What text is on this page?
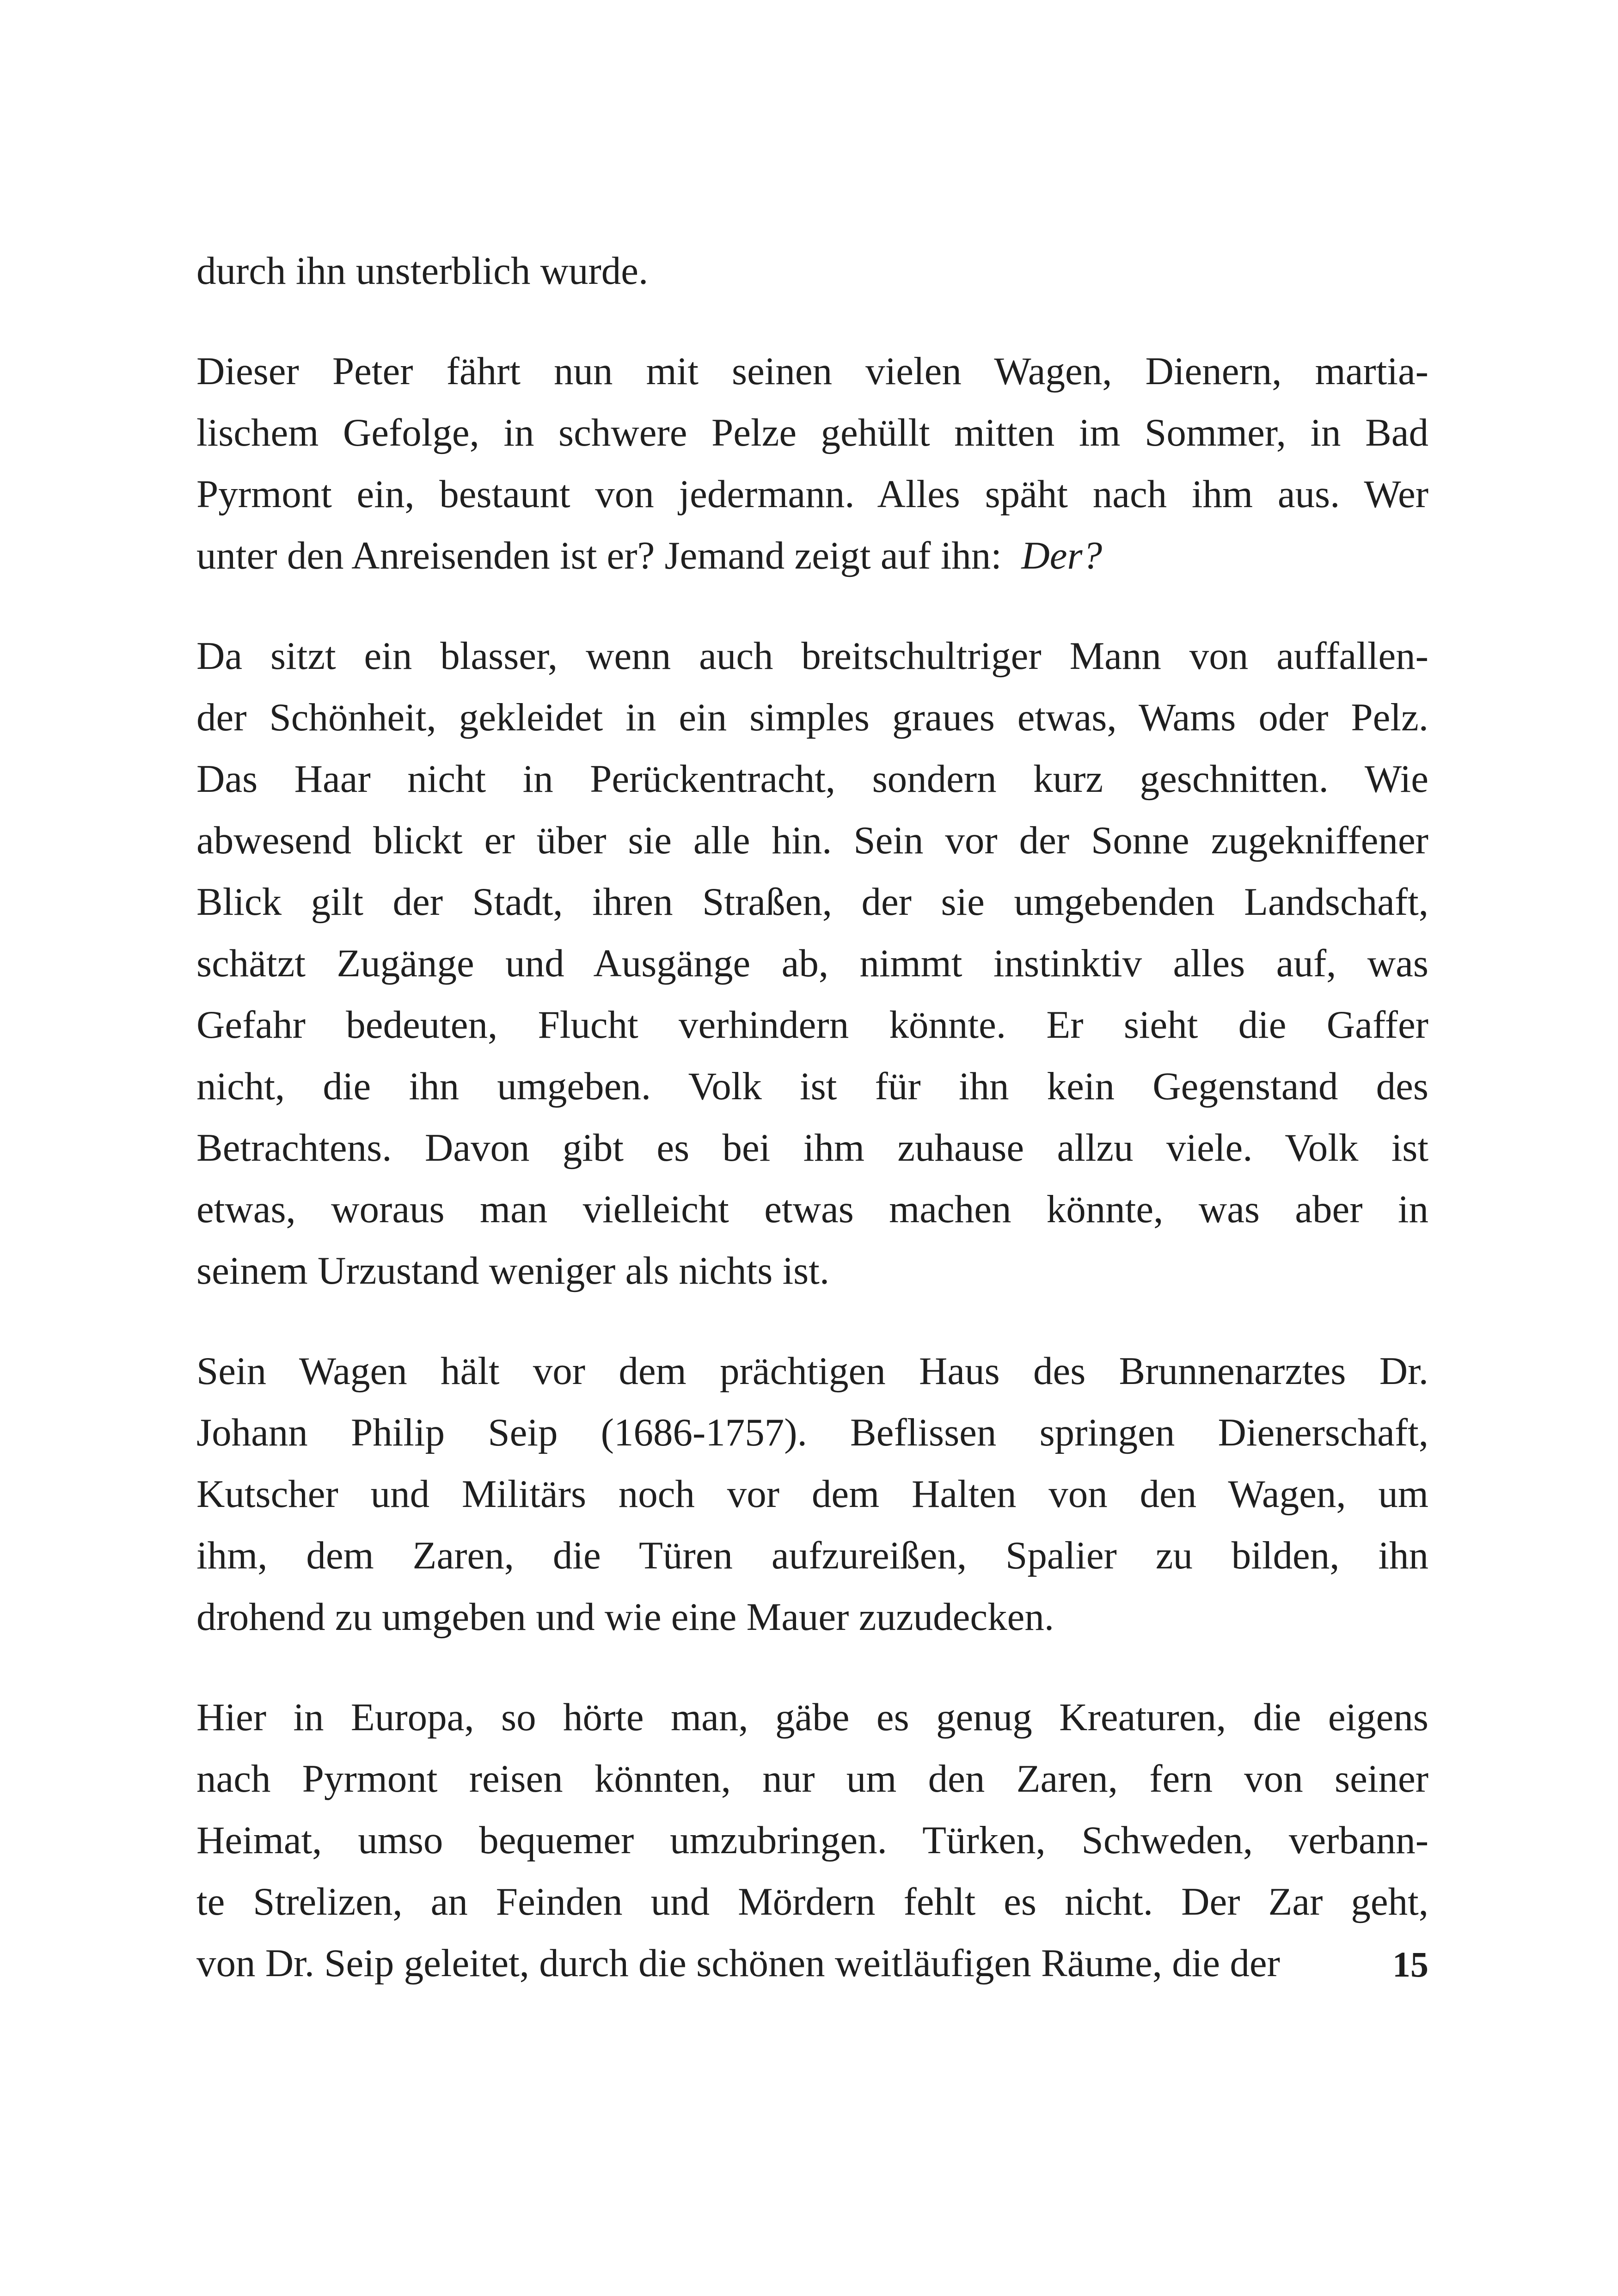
durch ihn unsterblich wurde.

Dieser Peter fährt nun mit seinen vielen Wagen, Dienern, martia-
lischem Gefolge, in schwere Pelze gehüllt mitten im Sommer, in Bad
Pyrmont ein, bestaunt von jedermann. Alles späht nach ihm aus. Wer
unter den Anreisenden ist er? Jemand zeigt auf ihn: Der?

Da sitzt ein blasser, wenn auch breitschultriger Mann von auffallen-
der Schönheit, gekleidet in ein simples graues etwas, Wams oder Pelz.
Das Haar nicht in Perückentracht, sondern kurz geschnitten. Wie
abwesend blickt er über sie alle hin. Sein vor der Sonne zugekniffener
Blick gilt der Stadt, ihren Straßen, der sie umgebenden Landschaft,
schätzt Zugänge und Ausgänge ab, nimmt instinktiv alles auf, was
Gefahr bedeuten, Flucht verhindern könnte. Er sieht die Gaffer
nicht, die ihn umgeben. Volk ist für ihn kein Gegenstand des
Betrachtens. Davon gibt es bei ihm zuhause allzu viele. Volk ist
etwas, woraus man vielleicht etwas machen könnte, was aber in
seinem Urzustand weniger als nichts ist.

Sein Wagen hält vor dem prächtigen Haus des Brunnenarztes Dr.
Johann Philip Seip (1686-1757). Beflissen springen Dienerschaft,
Kutscher und Militärs noch vor dem Halten von den Wagen, um
ihm, dem Zaren, die Türen aufzureißen, Spalier zu bilden, ihn
drohend zu umgeben und wie eine Mauer zuzudecken.

Hier in Europa, so hörte man, gäbe es genug Kreaturen, die eigens
nach Pyrmont reisen könnten, nur um den Zaren, fern von seiner
Heimat, umso bequemer umzubringen. Türken, Schweden, verbann-
te Strelizen, an Feinden und Mördern fehlt es nicht. Der Zar geht,
von Dr. Seip geleitet, durch die schönen weitläufigen Räume, die der	15
